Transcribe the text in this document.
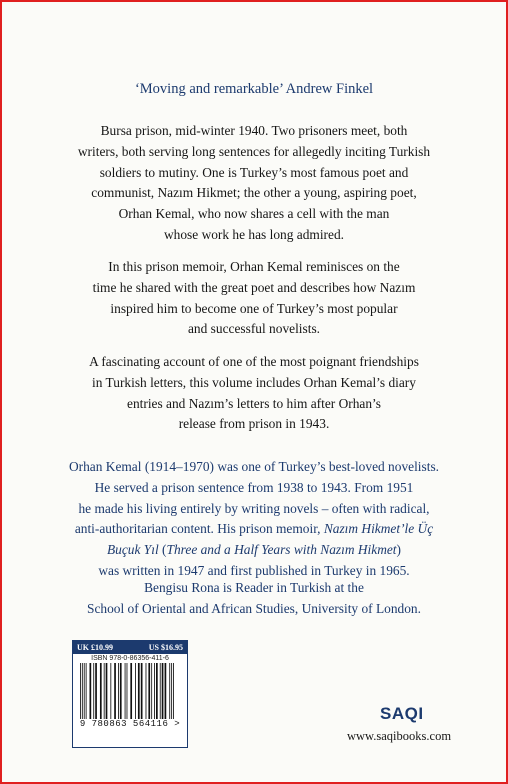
‘Moving and remarkable’ Andrew Finkel

Bursa prison, mid-winter 1940. Two prisoners meet, both
writers, both serving long sentences for allegedly inciting Turkish
soldiers to mutiny. One is Turkey’s most famous poet and
communist, Nazım Hikmet; the other a young, aspiring poet,
Orhan Kemal, who now shares a cell with the man
whose work he has long admired.

In this prison memoir, Orhan Kemal reminisces on the
time he shared with the great poet and describes how Nazım
inspired him to become one of Turkey’s most popular
and successful novelists.

A fascinating account of one of the most poignant friendships
in Turkish letters, this volume includes Orhan Kemal’s diary
entries and Nazım’s letters to him after Orhan’s
release from prison in 1943.

Orhan Kemal (1914–1970) was one of Turkey’s best-loved novelists.
He served a prison sentence from 1938 to 1943. From 1951
he made his living entirely by writing novels – often with radical,
anti-authoritarian content. His prison memoir, Nazım Hikmet’le Üç
Buçuk Yıl (Three and a Half Years with Nazım Hikmet)
was written in 1947 and first published in Turkey in 1965.

Bengisu Rona is Reader in Turkish at the
School of Oriental and African Studies, University of London.

UK £10.99	US $16.95
ISBN 978-0-86356-411-6
9 780863 564116 >
SAQI
www.saqibooks.com
